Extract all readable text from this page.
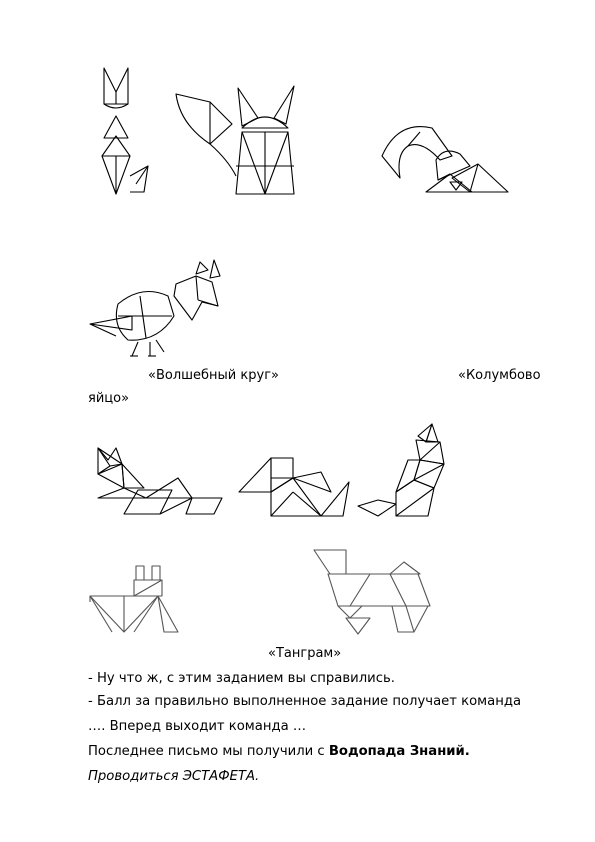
«Волшебный круг»	«Колумбово
яйцо»
«Танграм»
- Ну что ж, с этим заданием вы справились.
- Балл за правильно выполненное задание получает команда
…. Вперед выходит команда …
Последнее письмо мы получили с Водопада Знаний.
Проводиться ЭСТАФЕТА.
